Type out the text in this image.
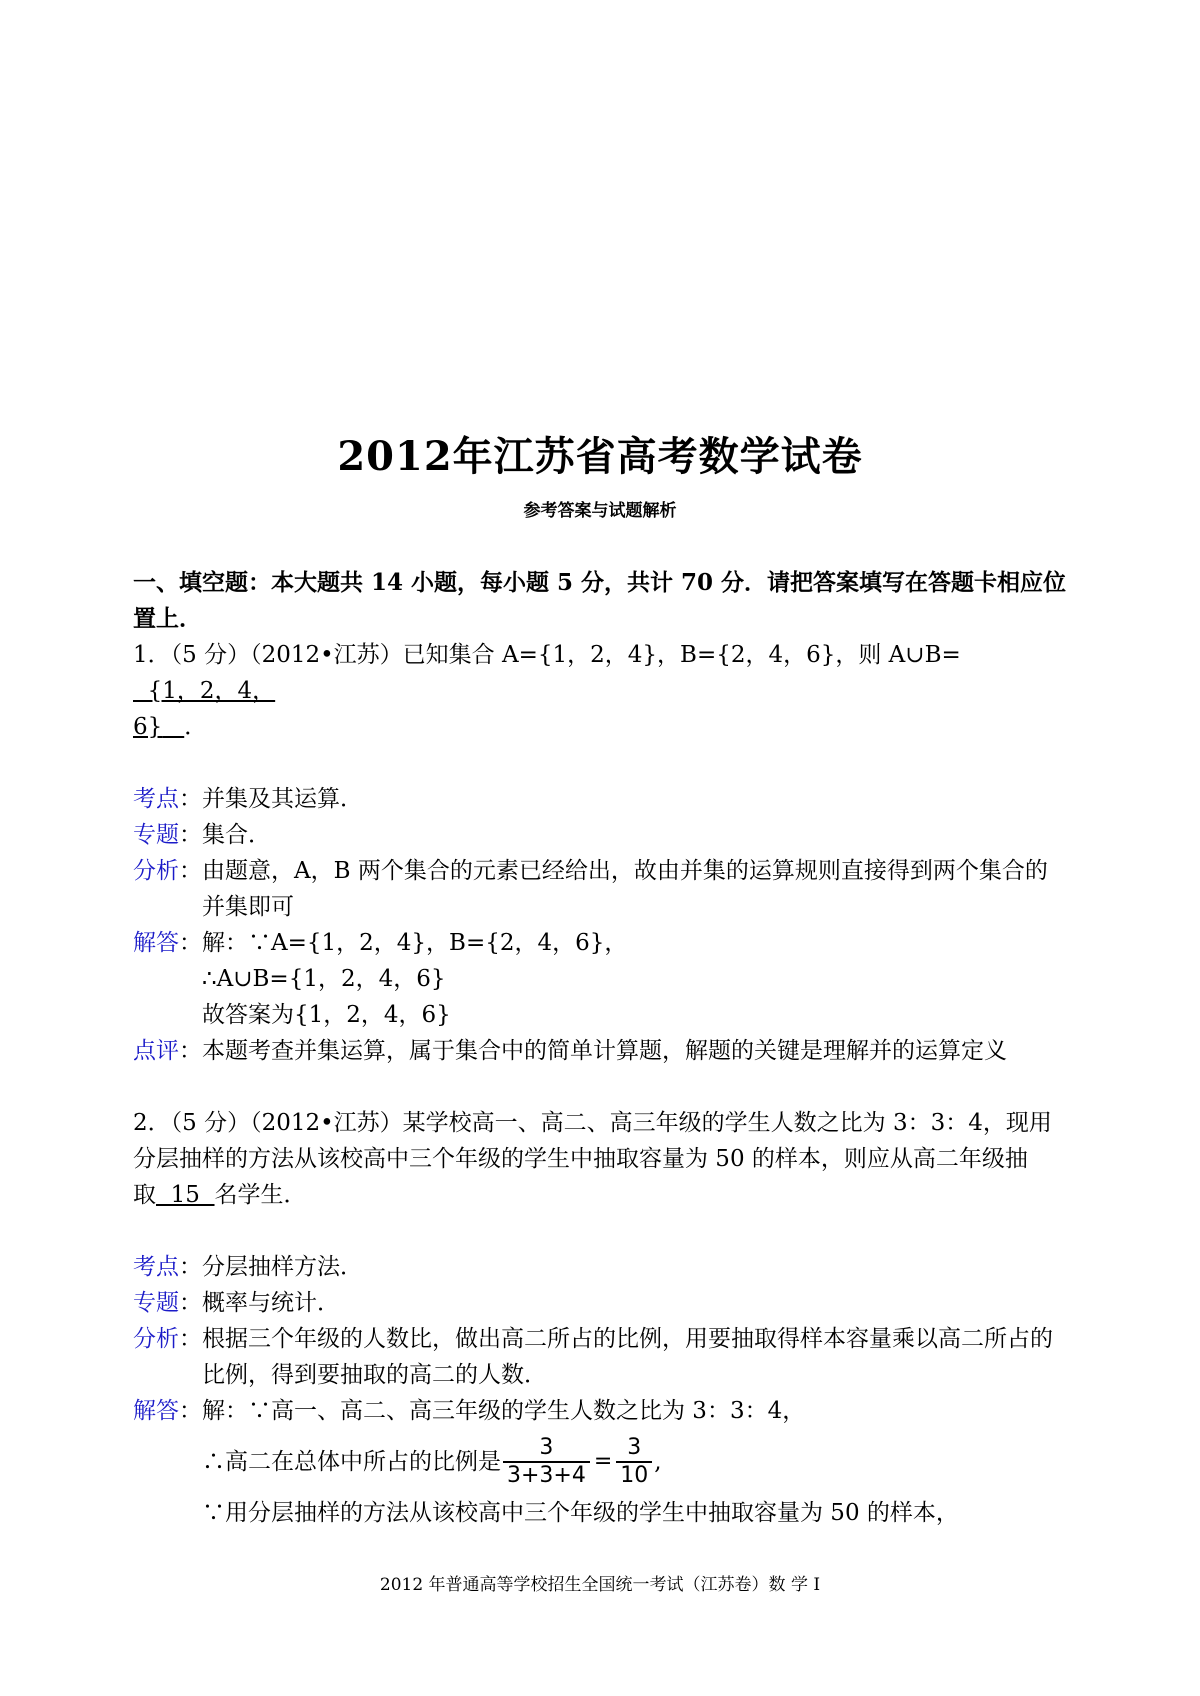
2012年江苏省高考数学试卷
参考答案与试题解析

一、填空题：本大题共 14 小题，每小题 5 分，共计 70 分．请把答案填写在答题卡相应位
置上．

1．（5 分）（2012•江苏）已知集合 A={1，2，4}，B={2，4，6}，则 A∪B=  {1，2，4，
6} ．

考点 ： 并集及其运算．
专题 ： 集合．
分析 ： 由题意，A，B 两个集合的元素已经给出，故由并集的运算规则直接得到两个集合的
并集即可
解答 ： 解：∵A={1，2，4}，B={2，4，6}，
∴A∪B={1，2，4，6}
故答案为{1，2，4，6}
点评 ： 本题考查并集运算，属于集合中的简单计算题，解题的关键是理解并的运算定义

2．（5 分）（2012•江苏）某学校高一、高二、高三年级的学生人数之比为 3：3：4，现用
分层抽样的方法从该校高中三个年级的学生中抽取容量为 50 的样本，则应从高二年级抽
取  15  名学生．

考点 ： 分层抽样方法．
专题 ： 概率与统计．
分析 ： 根据三个年级的人数比，做出高二所占的比例，用要抽取得样本容量乘以高二所占的
比例，得到要抽取的高二的人数．
解答 ： 解：∵高一、高二、高三年级的学生人数之比为 3：3：4，
∴高二在总体中所占的比例是 $\frac{3}{3+3+4} = \frac{3}{10}$ ,
∵用分层抽样的方法从该校高中三个年级的学生中抽取容量为 50 的样本，
2012 年普通高等学校招生全国统一考试（江苏卷）数 学 I
